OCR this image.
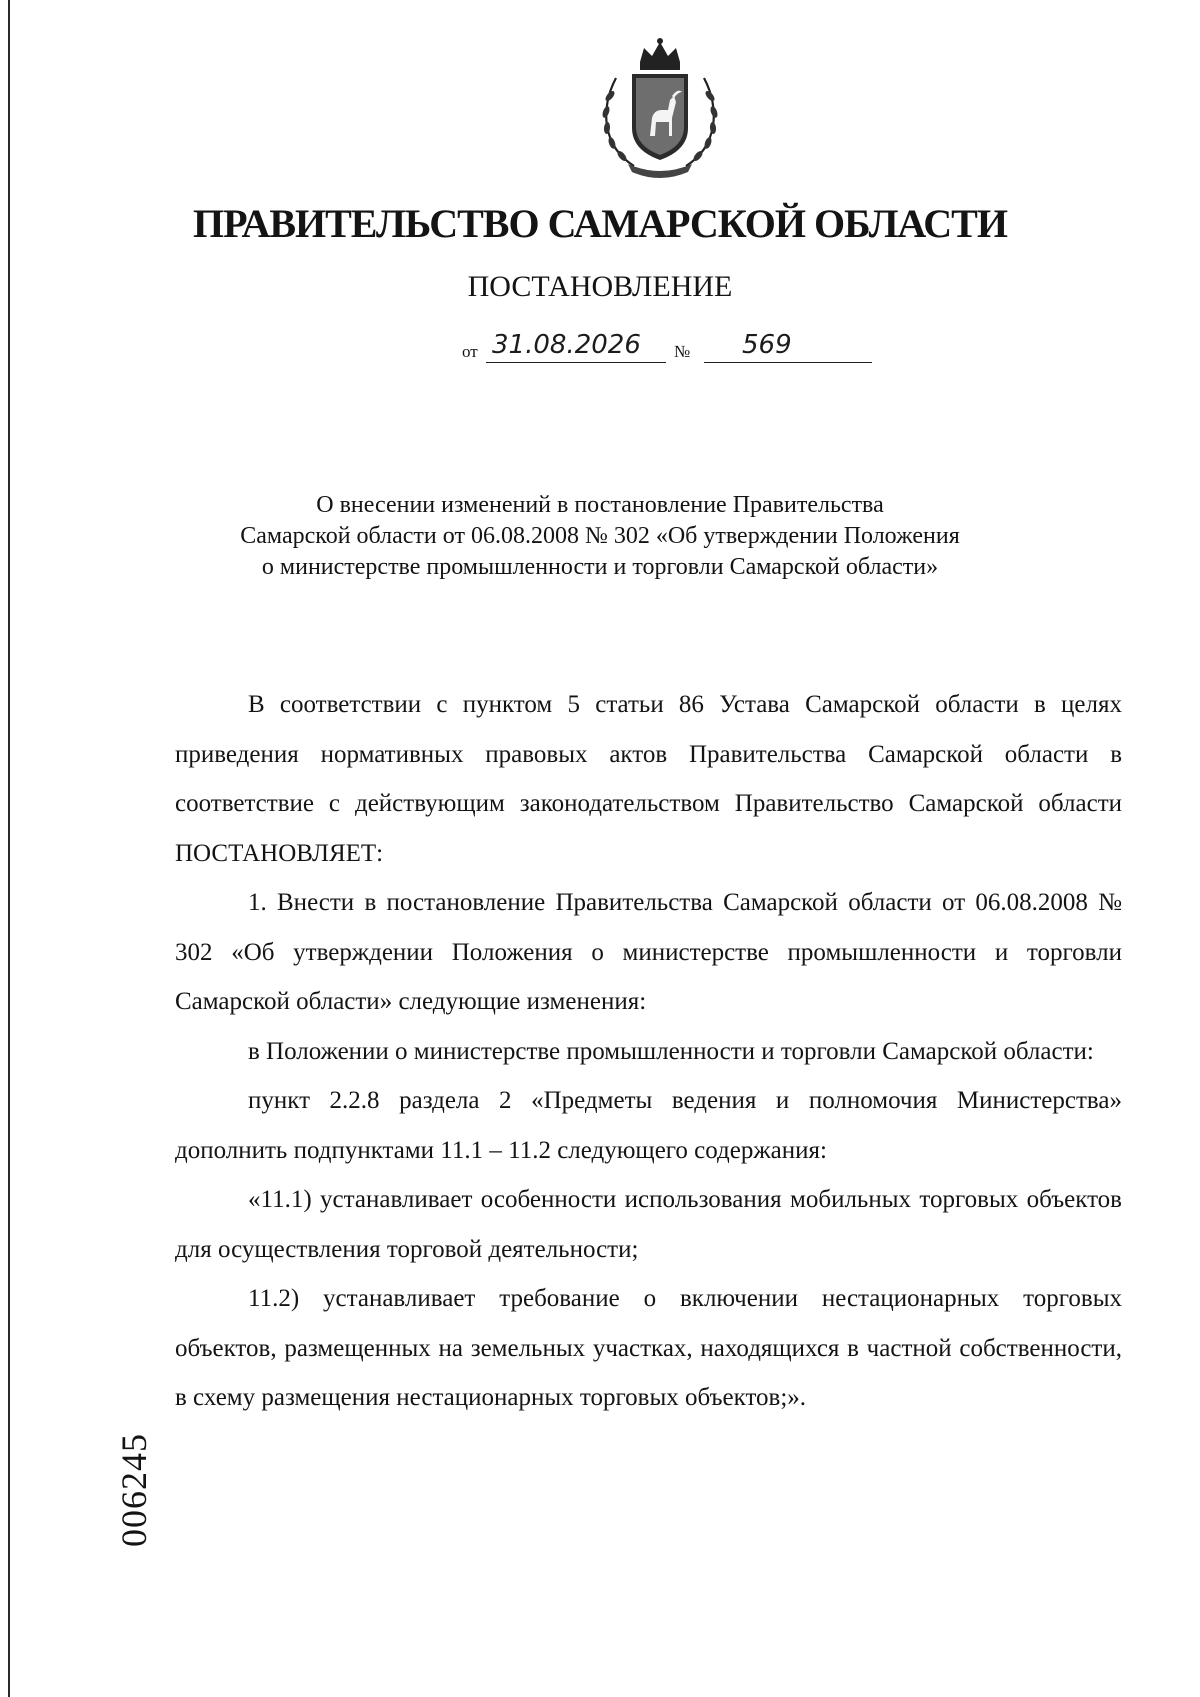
ПРАВИТЕЛЬСТВО САМАРСКОЙ ОБЛАСТИ
ПОСТАНОВЛЕНИЕ
от 31.08.2026 № 569
О внесении изменений в постановление Правительства
Самарской области от 06.08.2008 № 302 «Об утверждении Положения
о министерстве промышленности и торговли Самарской области»

В соответствии с пунктом 5 статьи 86 Устава Самарской области в целях приведения нормативных правовых актов Правительства Самарской области в соответствие с действующим законодательством Правительство Самарской области ПОСТАНОВЛЯЕТ:

1. Внести в постановление Правительства Самарской области от 06.08.2008 № 302 «Об утверждении Положения о министерстве промышленности и торговли Самарской области» следующие изменения:

в Положении о министерстве промышленности и торговли Самарской области:

пункт 2.2.8 раздела 2 «Предметы ведения и полномочия Министерства» дополнить подпунктами 11.1 – 11.2 следующего содержания:

«11.1) устанавливает особенности использования мобильных торговых объектов для осуществления торговой деятельности;

11.2) устанавливает требование о включении нестационарных торговых объектов, размещенных на земельных участках, находящихся в частной собственности, в схему размещения нестационарных торговых объектов;».

006245
